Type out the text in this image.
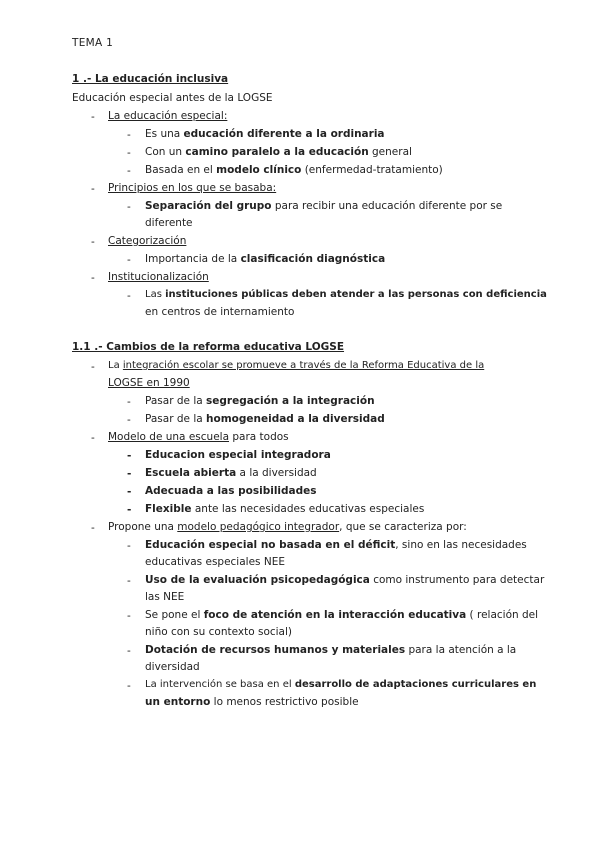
TEMA 1
1 .- La educación inclusiva
Educación especial antes de la LOGSE
- La educación especial:
- Es una educación diferente a la ordinaria
- Con un camino paralelo a la educación general
- Basada en el modelo clínico (enfermedad-tratamiento)
- Principios en los que se basaba:
- Separación del grupo para recibir una educación diferente por se
diferente
- Categorización
- Importancia de la clasificación diagnóstica
- Institucionalización
- Las instituciones públicas deben atender a las personas con deficiencia
en centros de internamiento
1.1 .- Cambios de la reforma educativa LOGSE
- La integración escolar se promueve a través de la Reforma Educativa de la
LOGSE en 1990
- Pasar de la segregación a la integración
- Pasar de la homogeneidad a la diversidad
- Modelo de una escuela para todos
- Educacion especial integradora
- Escuela abierta a la diversidad
- Adecuada a las posibilidades
- Flexible ante las necesidades educativas especiales
- Propone una modelo pedagógico integrador, que se caracteriza por:
- Educación especial no basada en el déficit, sino en las necesidades
educativas especiales NEE
- Uso de la evaluación psicopedagógica como instrumento para detectar
las NEE
- Se pone el foco de atención en la interacción educativa ( relación del
niño con su contexto social)
- Dotación de recursos humanos y materiales para la atención a la
diversidad
- La intervención se basa en el desarrollo de adaptaciones curriculares en
un entorno lo menos restrictivo posible
